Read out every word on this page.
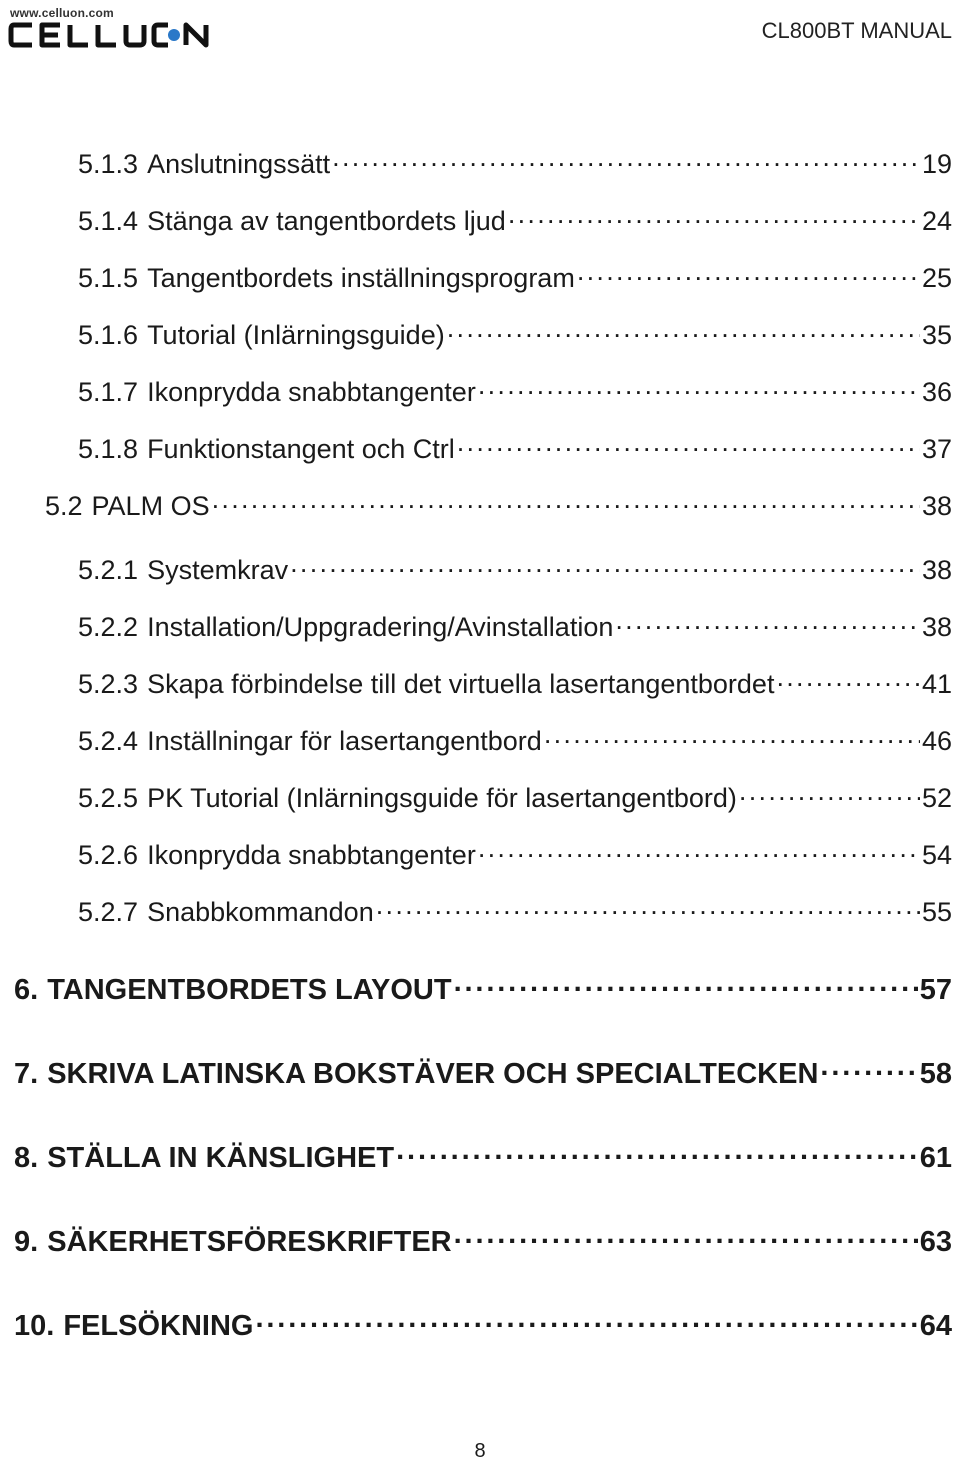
www.celluon.com
CL800BT MANUAL
5.1.3 Anslutningssätt . . .	19
5.1.4 Stänga av tangentbordets ljud . . .	24
5.1.5 Tangentbordets inställningsprogram . . .	25
5.1.6 Tutorial (Inlärningsguide) . . .	35
5.1.7 Ikonprydda snabbtangenter . . .	36
5.1.8 Funktionstangent och Ctrl . . .	37
5.2 PALM OS . . .	38
5.2.1 Systemkrav . . .	38
5.2.2 Installation/Uppgradering/Avinstallation . . .	38
5.2.3 Skapa förbindelse till det virtuella lasertangentbordet . . .	41
5.2.4 Inställningar för lasertangentbord . . .	46
5.2.5 PK Tutorial (Inlärningsguide för lasertangentbord) . . .	52
5.2.6 Ikonprydda snabbtangenter . . .	54
5.2.7 Snabbkommandon . . .	55
6. TANGENTBORDETS LAYOUT . . .	57
7. SKRIVA LATINSKA BOKSTÄVER OCH SPECIALTECKEN . . .	58
8. STÄLLA IN KÄNSLIGHET . . .	61
9. SÄKERHETSFÖRESKRIFTER . . .	63
10. FELSÖKNING . . .	64
8
